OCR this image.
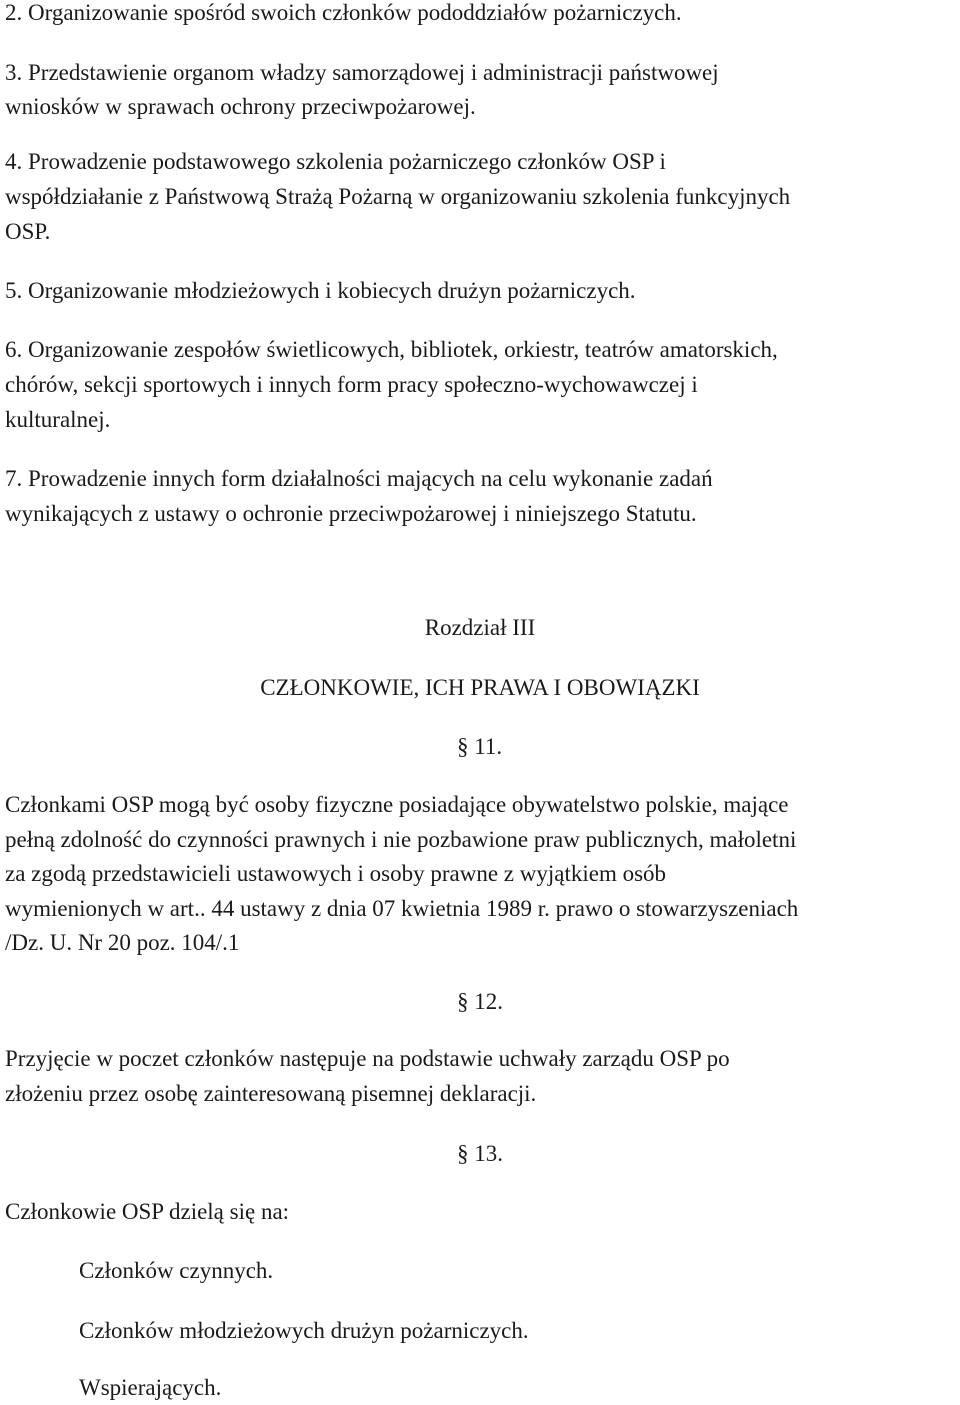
2. Organizowanie spośród swoich członków pododdziałów pożarniczych.

3. Przedstawienie organom władzy samorządowej i administracji państwowej

wniosków w sprawach ochrony przeciwpożarowej.

4. Prowadzenie podstawowego szkolenia pożarniczego członków OSP i

współdziałanie z Państwową Strażą Pożarną w organizowaniu szkolenia funkcyjnych

OSP.

5. Organizowanie młodzieżowych i kobiecych drużyn pożarniczych.

6. Organizowanie zespołów świetlicowych, bibliotek, orkiestr, teatrów amatorskich,

chórów, sekcji sportowych i innych form pracy społeczno-wychowawczej i

kulturalnej.

7. Prowadzenie innych form działalności mających na celu wykonanie zadań

wynikających z ustawy o ochronie przeciwpożarowej i niniejszego Statutu.

Rozdział III

CZŁONKOWIE, ICH PRAWA I OBOWIĄZKI

§ 11.

Członkami OSP mogą być osoby fizyczne posiadające obywatelstwo polskie, mające

pełną zdolność do czynności prawnych i nie pozbawione praw publicznych, małoletni

za zgodą przedstawicieli ustawowych i osoby prawne z wyjątkiem osób

wymienionych w art.. 44 ustawy z dnia 07 kwietnia 1989 r. prawo o stowarzyszeniach

/Dz. U. Nr 20 poz. 104/.1

§ 12.

Przyjęcie w poczet członków następuje na podstawie uchwały zarządu OSP po

złożeniu przez osobę zainteresowaną pisemnej deklaracji.

§ 13.

Członkowie OSP dzielą się na:

Członków czynnych.

Członków młodzieżowych drużyn pożarniczych.

Wspierających.
